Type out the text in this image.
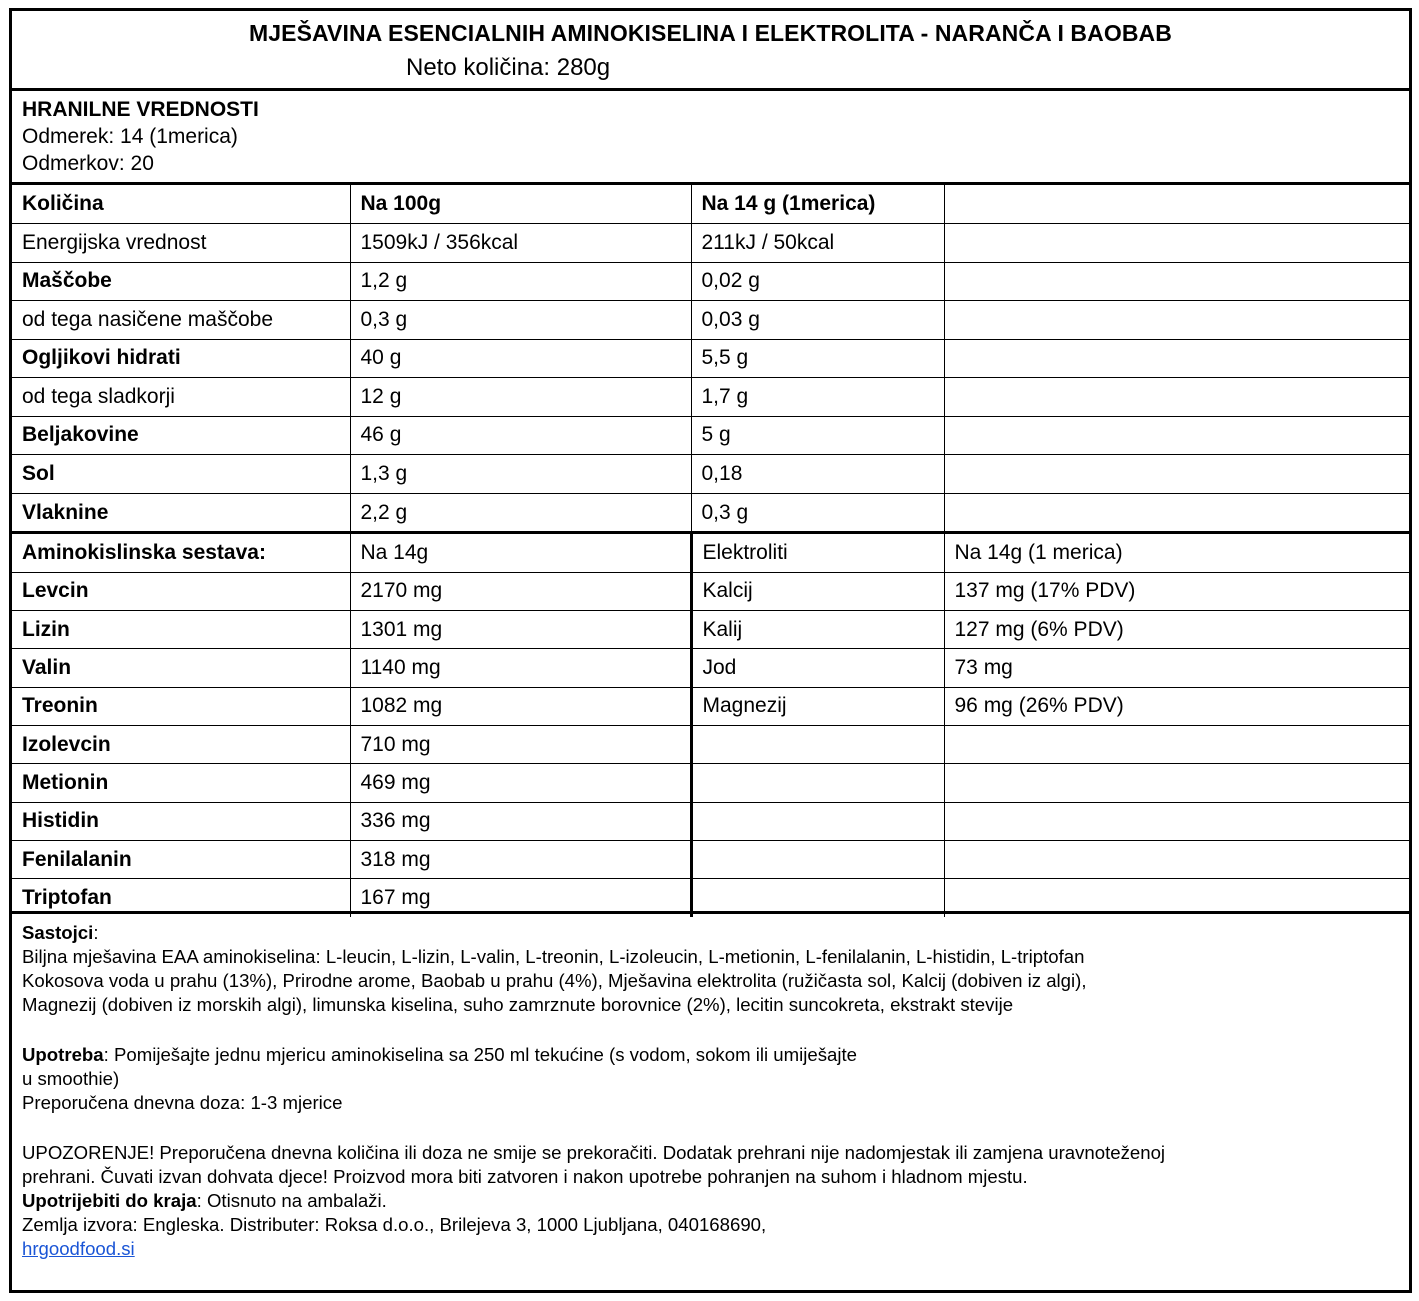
MJEŠAVINA ESENCIALNIH AMINOKISELINA I ELEKTROLITA - NARANČA I BAOBAB
Neto količina: 280g
HRANILNE VREDNOSTI
Odmerek: 14 (1merica)
Odmerkov: 20
Količina	Na 100g	Na 14 g (1merica)	
Energijska vrednost	1509kJ / 356kcal	211kJ / 50kcal	
Maščobe	1,2 g	0,02 g	
od tega nasičene maščobe	0,3 g	0,03 g	
Ogljikovi hidrati	40 g	5,5 g	
od tega sladkorji	12 g	1,7 g	
Beljakovine	46 g	5 g	
Sol	1,3 g	0,18	
Vlaknine	2,2 g	0,3 g	
Aminokislinska sestava:	Na 14g	Elektroliti	Na 14g (1 merica)
Levcin	2170 mg	Kalcij	137 mg (17% PDV)
Lizin	1301 mg	Kalij	127 mg (6% PDV)
Valin	1140 mg	Jod	73 mg
Treonin	1082 mg	Magnezij	96 mg (26% PDV)
Izolevcin	710 mg		
Metionin	469 mg		
Histidin	336 mg		
Fenilalanin	318 mg		
Triptofan	167 mg		
Sastojci:
Biljna mješavina EAA aminokiselina: L-leucin, L-lizin, L-valin, L-treonin, L-izoleucin, L-metionin, L-fenilalanin, L-histidin, L-triptofan
Kokosova voda u prahu (13%), Prirodne arome, Baobab u prahu (4%), Mješavina elektrolita (ružičasta sol, Kalcij (dobiven iz algi),
Magnezij (dobiven iz morskih algi), limunska kiselina, suho zamrznute borovnice (2%), lecitin suncokreta, ekstrakt stevije
Upotreba: Pomiješajte jednu mjericu aminokiselina sa 250 ml tekućine (s vodom, sokom ili umiješajte
u smoothie)
Preporučena dnevna doza: 1-3 mjerice
UPOZORENJE! Preporučena dnevna količina ili doza ne smije se prekoračiti. Dodatak prehrani nije nadomjestak ili zamjena uravnoteženoj
prehrani. Čuvati izvan dohvata djece! Proizvod mora biti zatvoren i nakon upotrebe pohranjen na suhom i hladnom mjestu.
Upotrijebiti do kraja: Otisnuto na ambalaži.
Zemlja izvora: Engleska. Distributer: Roksa d.o.o., Brilejeva 3, 1000 Ljubljana, 040168690,
hrgoodfood.si
